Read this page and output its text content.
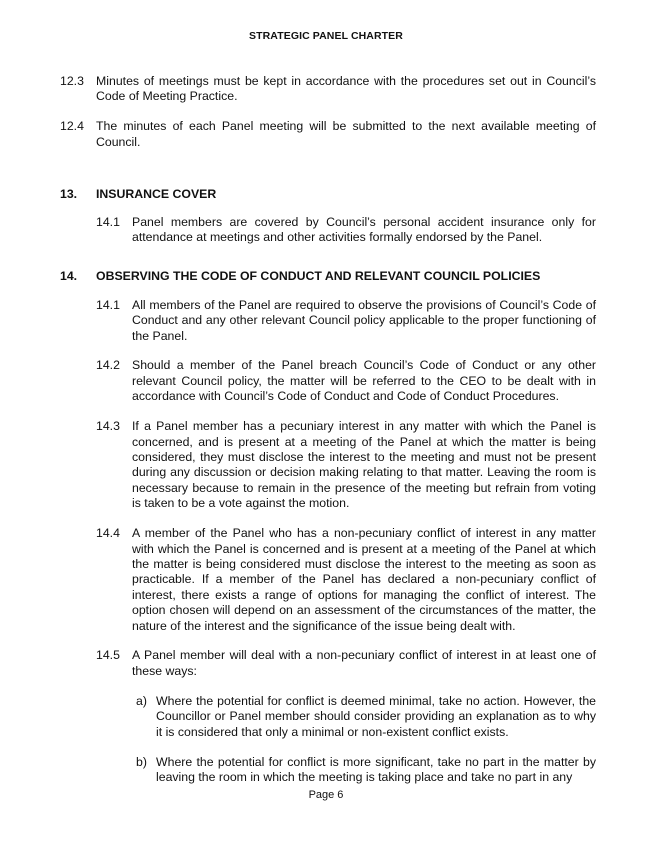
STRATEGIC PANEL CHARTER
12.3 Minutes of meetings must be kept in accordance with the procedures set out in Council’s Code of Meeting Practice.
12.4 The minutes of each Panel meeting will be submitted to the next available meeting of Council.
13.	INSURANCE COVER
14.1 Panel members are covered by Council’s personal accident insurance only for attendance at meetings and other activities formally endorsed by the Panel.
14.	OBSERVING THE CODE OF CONDUCT AND RELEVANT COUNCIL POLICIES
14.1 All members of the Panel are required to observe the provisions of Council’s Code of Conduct and any other relevant Council policy applicable to the proper functioning of the Panel.
14.2 Should a member of the Panel breach Council’s Code of Conduct or any other relevant Council policy, the matter will be referred to the CEO to be dealt with in accordance with Council’s Code of Conduct and Code of Conduct Procedures.
14.3 If a Panel member has a pecuniary interest in any matter with which the Panel is concerned, and is present at a meeting of the Panel at which the matter is being considered, they must disclose the interest to the meeting and must not be present during any discussion or decision making relating to that matter. Leaving the room is necessary because to remain in the presence of the meeting but refrain from voting is taken to be a vote against the motion.
14.4 A member of the Panel who has a non-pecuniary conflict of interest in any matter with which the Panel is concerned and is present at a meeting of the Panel at which the matter is being considered must disclose the interest to the meeting as soon as practicable. If a member of the Panel has declared a non-pecuniary conflict of interest, there exists a range of options for managing the conflict of interest. The option chosen will depend on an assessment of the circumstances of the matter, the nature of the interest and the significance of the issue being dealt with.
14.5 A Panel member will deal with a non-pecuniary conflict of interest in at least one of these ways:
a) Where the potential for conflict is deemed minimal, take no action. However, the Councillor or Panel member should consider providing an explanation as to why it is considered that only a minimal or non-existent conflict exists.
b) Where the potential for conflict is more significant, take no part in the matter by leaving the room in which the meeting is taking place and take no part in any
Page 6
